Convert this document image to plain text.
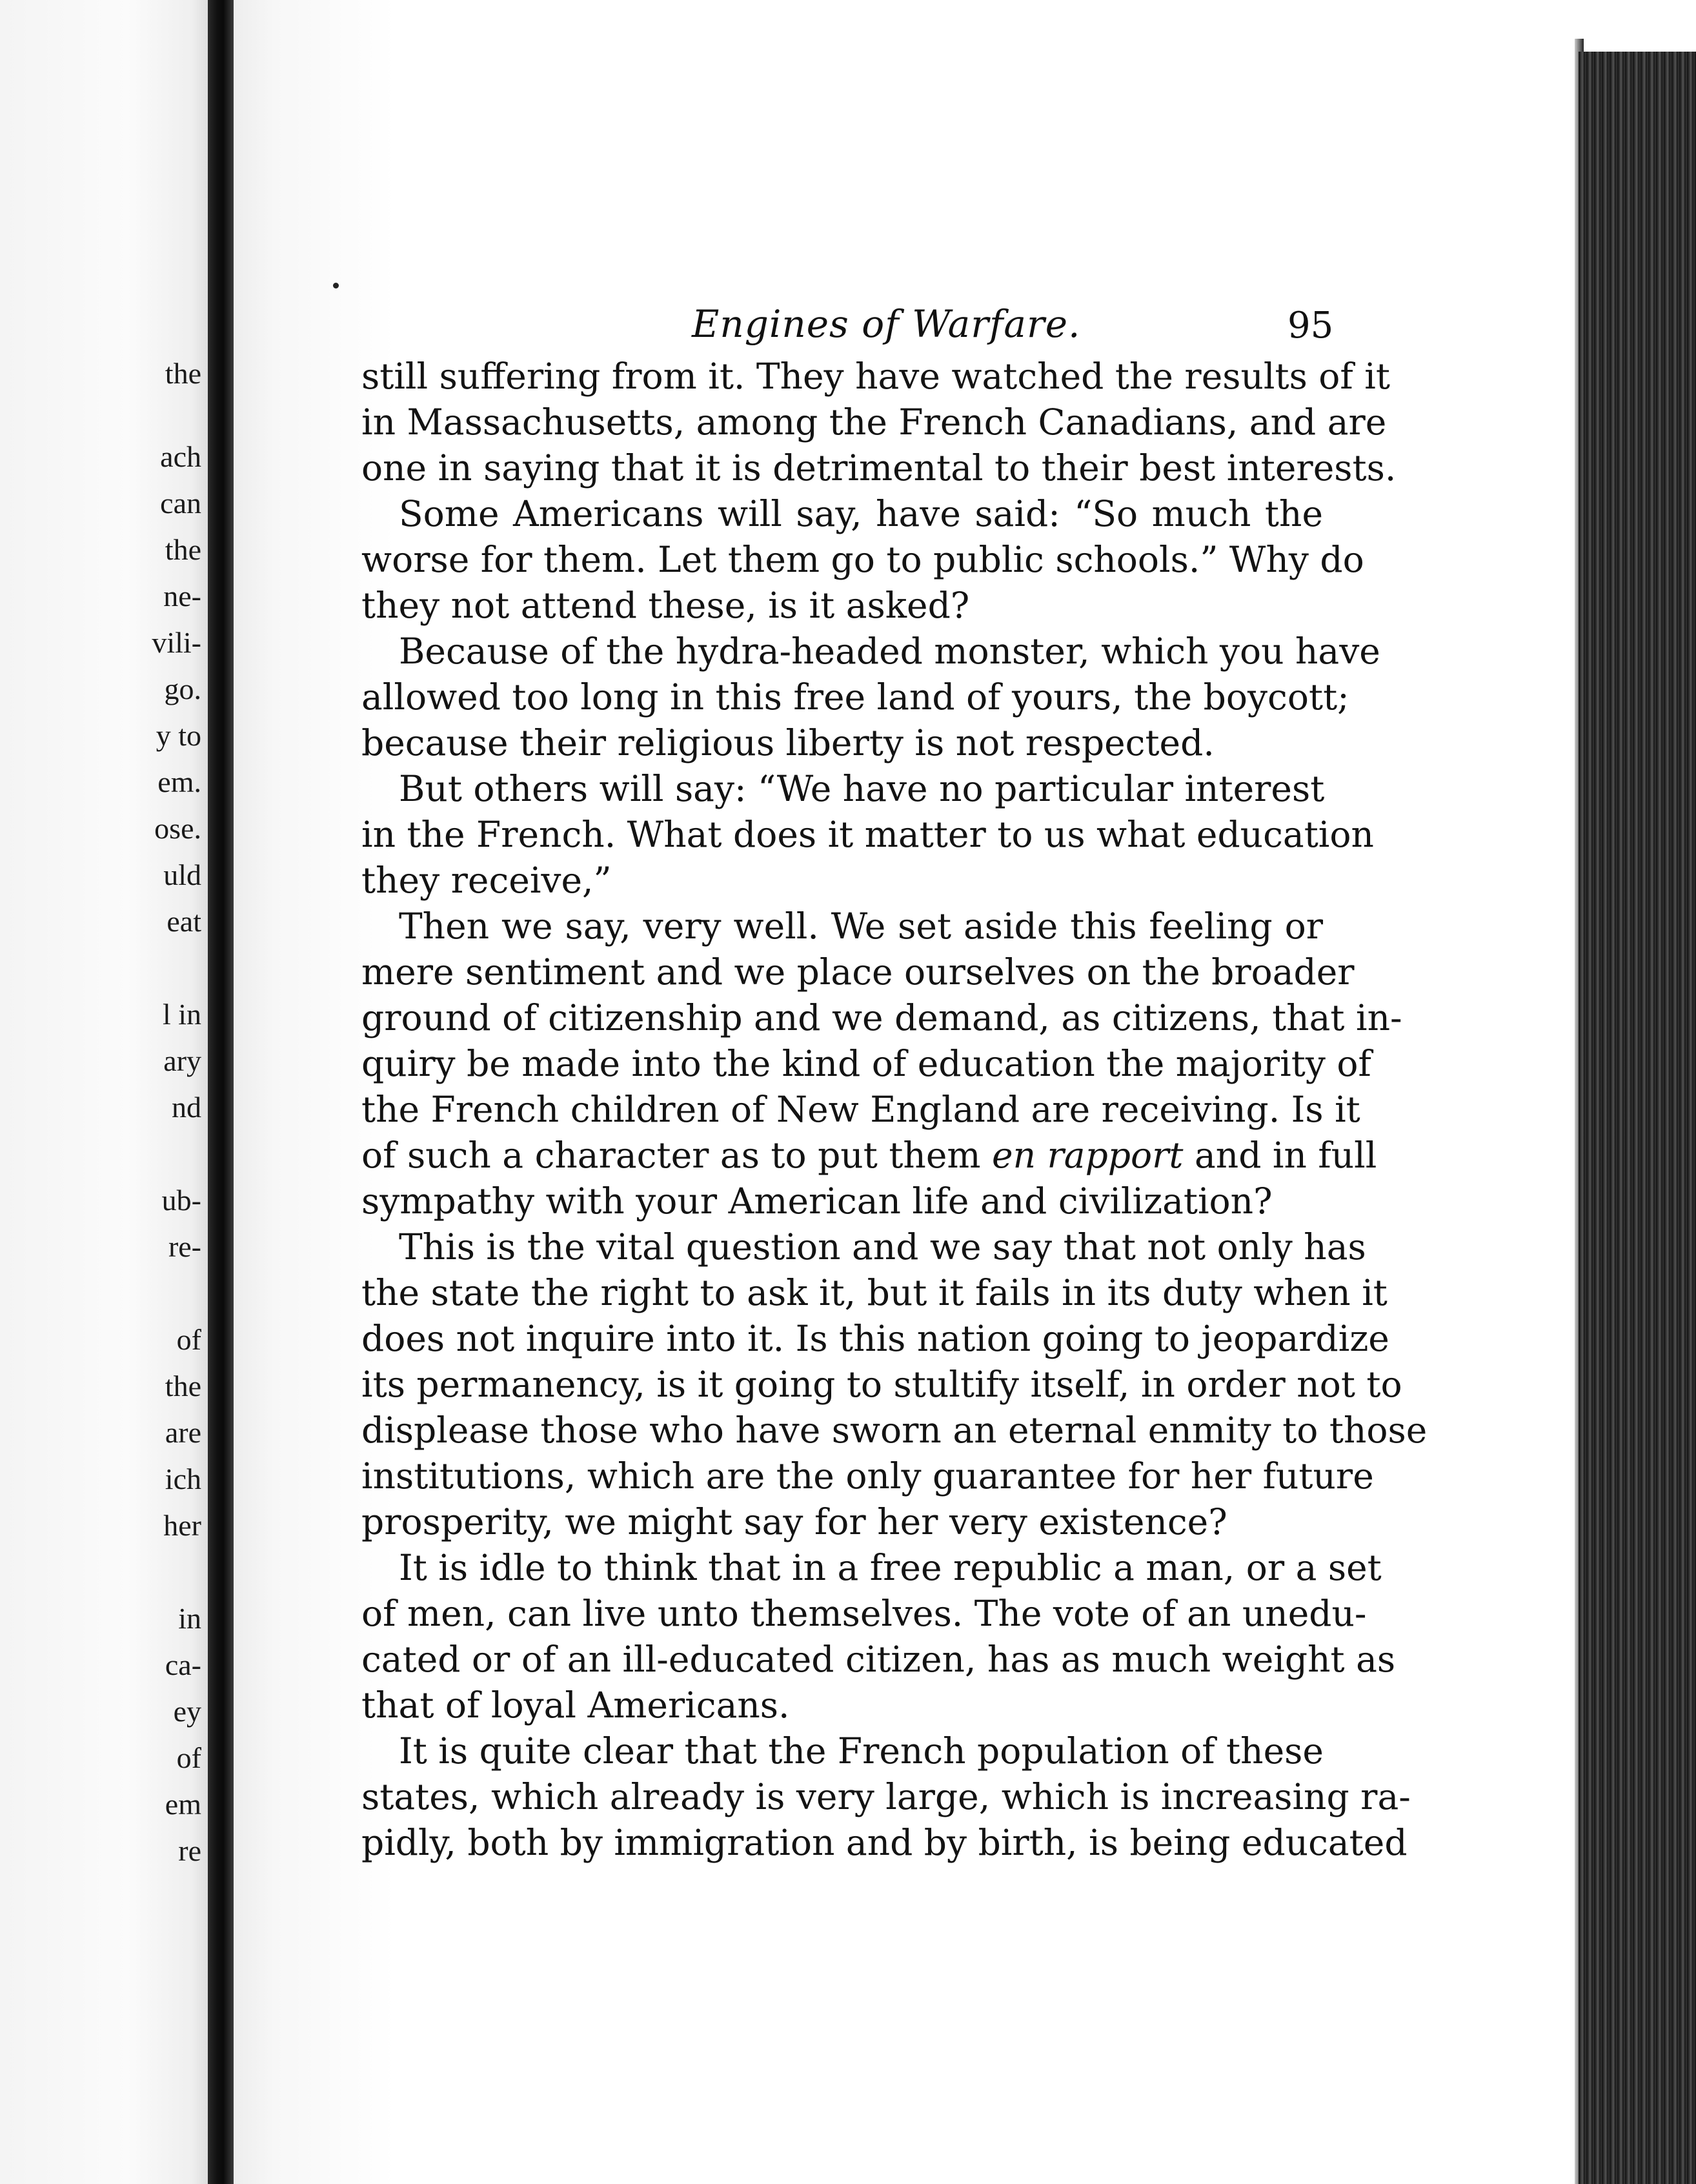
the
ach
can
the
ne-
vili-
go.
y to
em.
ose.
uld
eat
l in
ary
nd
ub-
re-
of
the
are
ich
her
in
ca-
ey
of
em
re
Engines of Warfare.	95
still suffering from it. They have watched the results of it
in Massachusetts, among the French Canadians, and are
one in saying that it is detrimental to their best interests.
Some Americans will say, have said: “So much the
worse for them. Let them go to public schools.” Why do
they not attend these, is it asked?
Because of the hydra-headed monster, which you have
allowed too long in this free land of yours, the boycott;
because their religious liberty is not respected.
But others will say: “We have no particular interest
in the French. What does it matter to us what education
they receive,”
Then we say, very well. We set aside this feeling or
mere sentiment and we place ourselves on the broader
ground of citizenship and we demand, as citizens, that in-
quiry be made into the kind of education the majority of
the French children of New England are receiving. Is it
of such a character as to put them en rapport and in full
sympathy with your American life and civilization?
This is the vital question and we say that not only has
the state the right to ask it, but it fails in its duty when it
does not inquire into it. Is this nation going to jeopardize
its permanency, is it going to stultify itself, in order not to
displease those who have sworn an eternal enmity to those
institutions, which are the only guarantee for her future
prosperity, we might say for her very existence?
It is idle to think that in a free republic a man, or a set
of men, can live unto themselves. The vote of an unedu-
cated or of an ill-educated citizen, has as much weight as
that of loyal Americans.
It is quite clear that the French population of these
states, which already is very large, which is increasing ra-
pidly, both by immigration and by birth, is being educated
